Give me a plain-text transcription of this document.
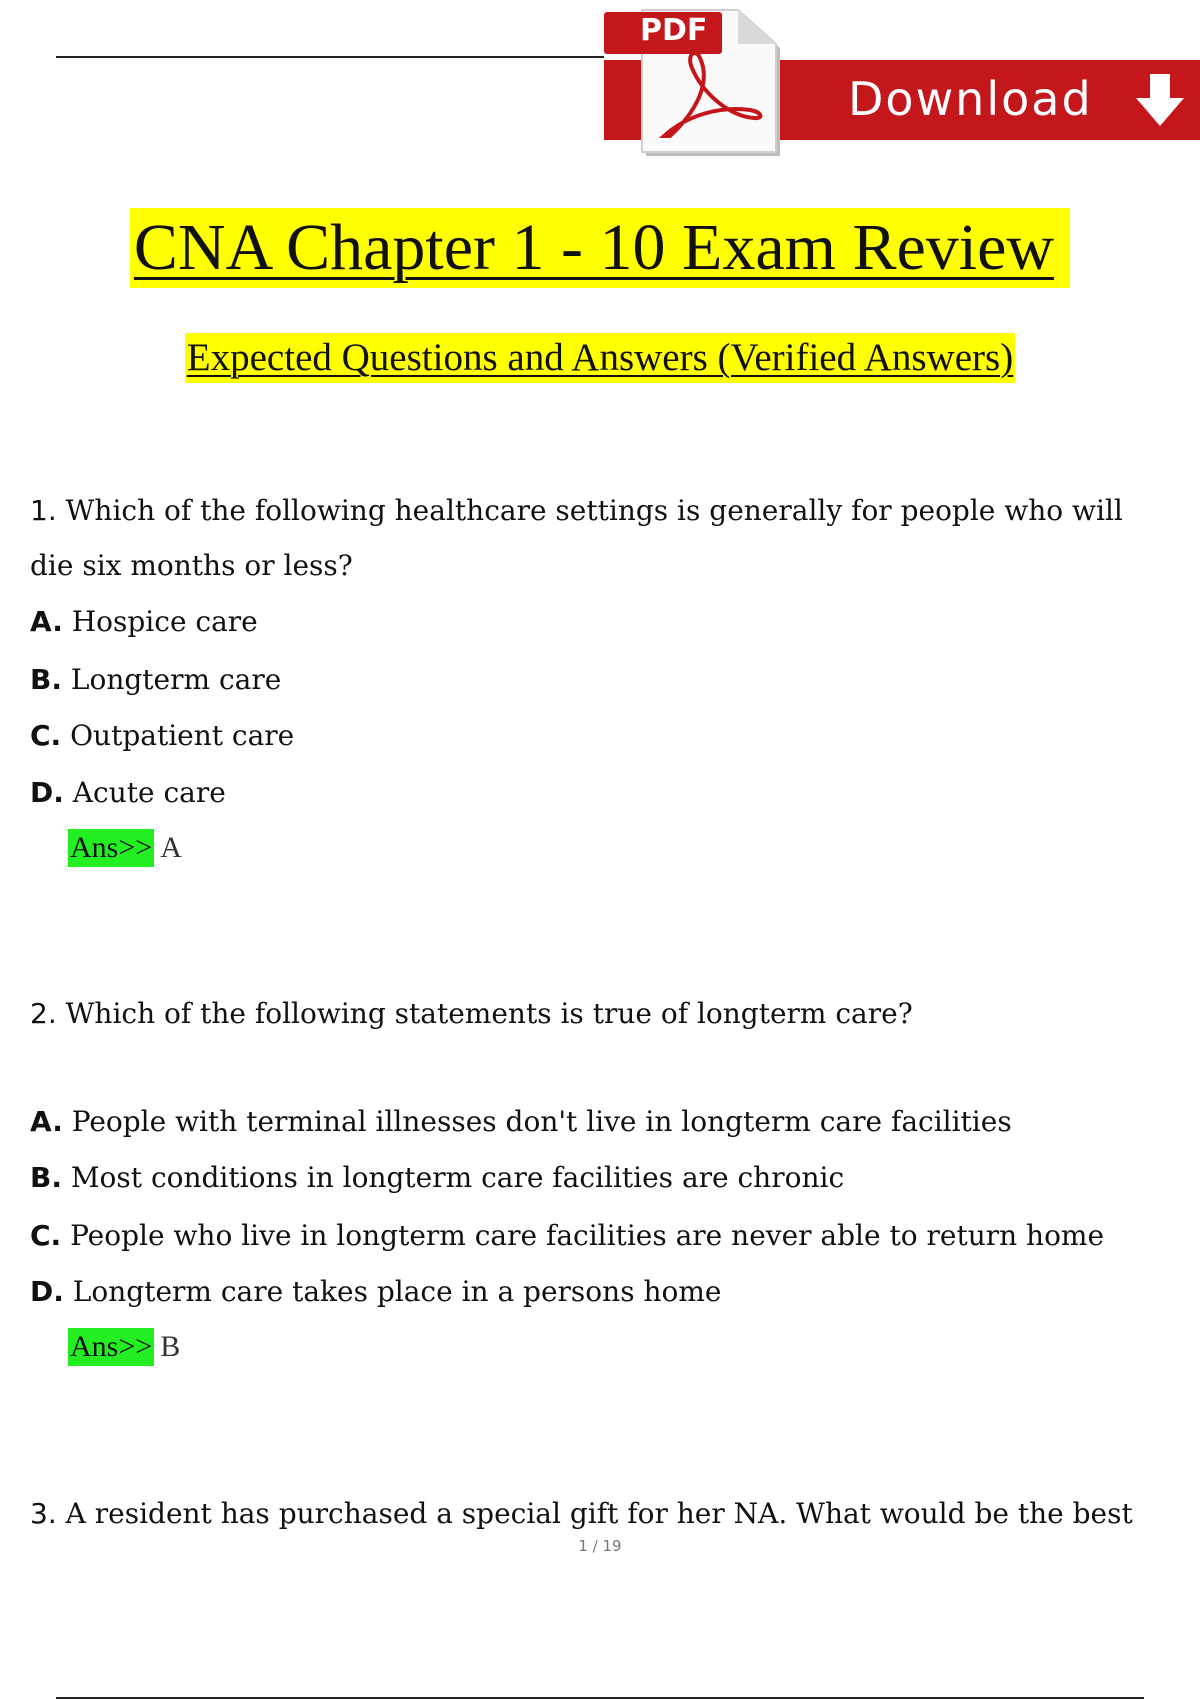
Download
PDF
CNA Chapter 1 - 10 Exam Review
Expected Questions and Answers (Verified Answers)
1. Which of the following healthcare settings is generally for people who will
die six months or less?
A. Hospice care
B. Longterm care
C. Outpatient care
D. Acute care
Ans>> A
2. Which of the following statements is true of longterm care?
A. People with terminal illnesses don't live in longterm care facilities
B. Most conditions in longterm care facilities are chronic
C. People who live in longterm care facilities are never able to return home
D. Longterm care takes place in a persons home
Ans>> B
3. A resident has purchased a special gift for her NA. What would be the best
1 / 19
